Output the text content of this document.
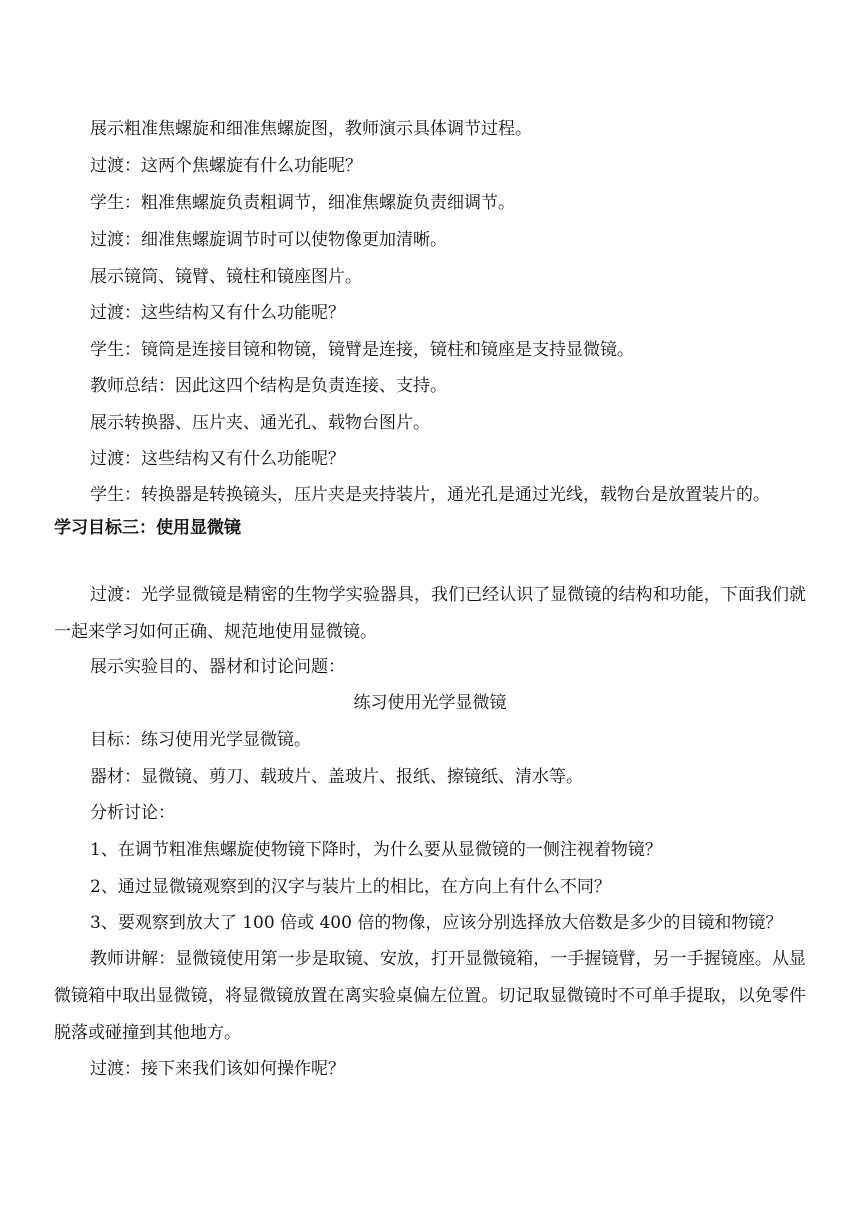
展示粗准焦螺旋和细准焦螺旋图，教师演示具体调节过程。
过渡：这两个焦螺旋有什么功能呢？
学生：粗准焦螺旋负责粗调节，细准焦螺旋负责细调节。
过渡：细准焦螺旋调节时可以使物像更加清晰。
展示镜筒、镜臂、镜柱和镜座图片。
过渡：这些结构又有什么功能呢？
学生：镜筒是连接目镜和物镜，镜臂是连接，镜柱和镜座是支持显微镜。
教师总结：因此这四个结构是负责连接、支持。
展示转换器、压片夹、通光孔、载物台图片。
过渡：这些结构又有什么功能呢？
学生：转换器是转换镜头，压片夹是夹持装片，通光孔是通过光线，载物台是放置装片的。
学习目标三：使用显微镜
过渡：光学显微镜是精密的生物学实验器具，我们已经认识了显微镜的结构和功能，下面我们就一起来学习如何正确、规范地使用显微镜。
展示实验目的、器材和讨论问题：
练习使用光学显微镜
目标：练习使用光学显微镜。
器材：显微镜、剪刀、载玻片、盖玻片、报纸、擦镜纸、清水等。
分析讨论：
1、在调节粗准焦螺旋使物镜下降时，为什么要从显微镜的一侧注视着物镜？
2、通过显微镜观察到的汉字与装片上的相比，在方向上有什么不同？
3、要观察到放大了 100 倍或 400 倍的物像，应该分别选择放大倍数是多少的目镜和物镜？
教师讲解：显微镜使用第一步是取镜、安放，打开显微镜箱，一手握镜臂，另一手握镜座。从显微镜箱中取出显微镜，将显微镜放置在离实验桌偏左位置。切记取显微镜时不可单手提取，以免零件脱落或碰撞到其他地方。
过渡：接下来我们该如何操作呢？
